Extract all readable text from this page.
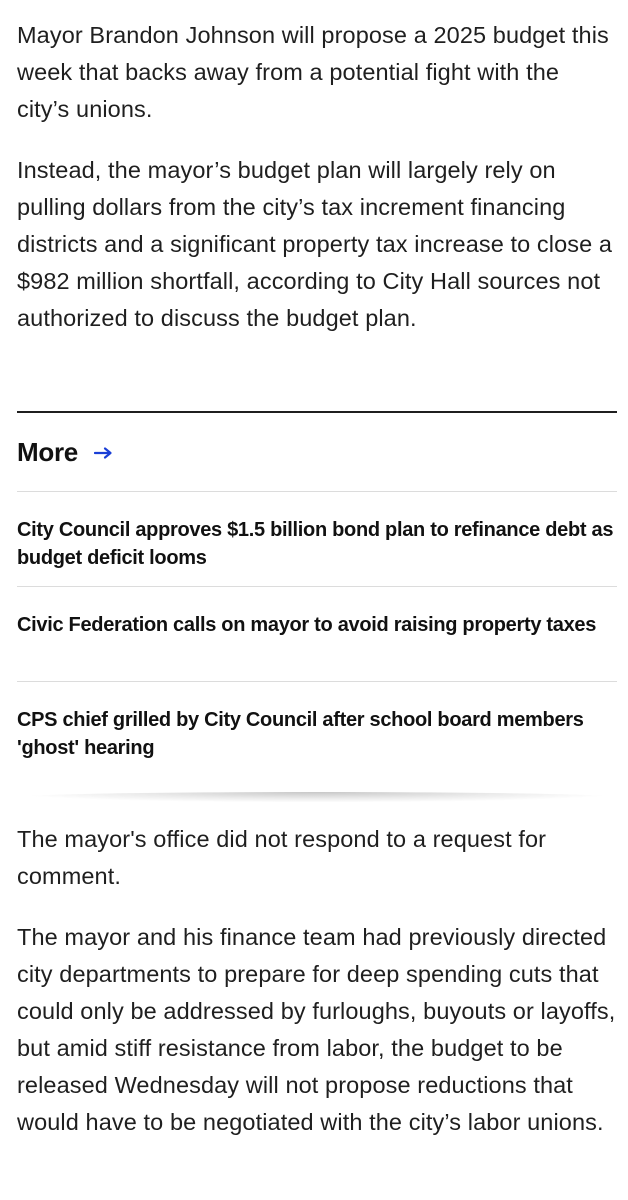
Mayor Brandon Johnson will propose a 2025 budget this week that backs away from a potential fight with the city’s unions.

Instead, the mayor’s budget plan will largely rely on pulling dollars from the city’s tax increment financing districts and a significant property tax increase to close a $982 million shortfall, according to City Hall sources not authorized to discuss the budget plan.

More
City Council approves $1.5 billion bond plan to refinance debt as budget deficit looms
Civic Federation calls on mayor to avoid raising property taxes
CPS chief grilled by City Council after school board members 'ghost' hearing

The mayor's office did not respond to a request for comment.

The mayor and his finance team had previously directed city departments to prepare for deep spending cuts that could only be addressed by furloughs, buyouts or layoffs, but amid stiff resistance from labor, the budget to be released Wednesday will not propose reductions that would have to be negotiated with the city’s labor unions.
